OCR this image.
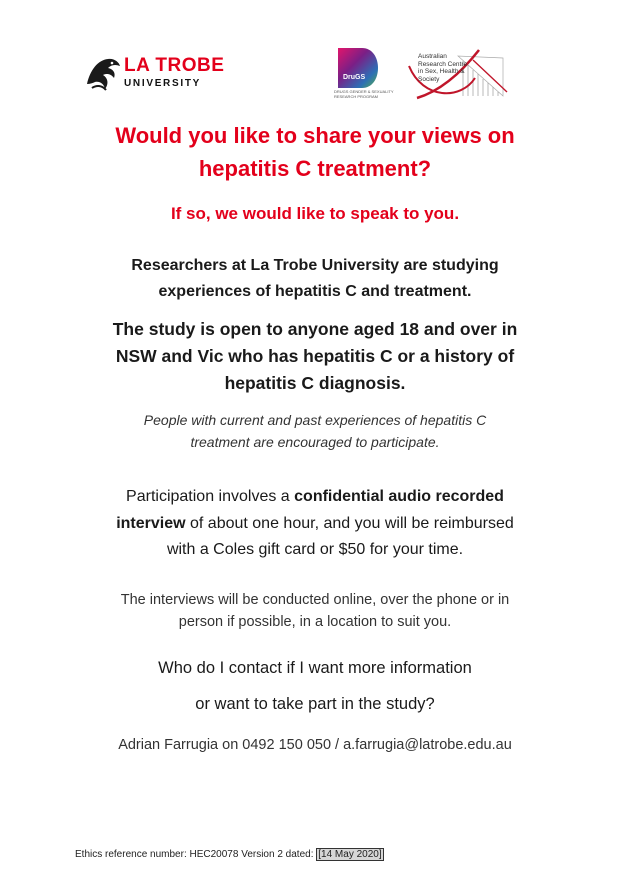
LA TROBE
UNIVERSITY
DruGS
DRUGS GENDER & SEXUALITY RESEARCH PROGRAM
Australian Research Centre in Sex, Health & Society
Would you like to share your views on
hepatitis C treatment?
If so, we would like to speak to you.
Researchers at La Trobe University are studying
experiences of hepatitis C and treatment.
The study is open to anyone aged 18 and over in
NSW and Vic who has hepatitis C or a history of
hepatitis C diagnosis.
People with current and past experiences of hepatitis C
treatment are encouraged to participate.
Participation involves a confidential audio recorded
interview of about one hour, and you will be reimbursed
with a Coles gift card or $50 for your time.
The interviews will be conducted online, over the phone or in
person if possible, in a location to suit you.
Who do I contact if I want more information
or want to take part in the study?
Adrian Farrugia on 0492 150 050 / a.farrugia@latrobe.edu.au
Ethics reference number: HEC20078 Version 2 dated: [14 May 2020]
